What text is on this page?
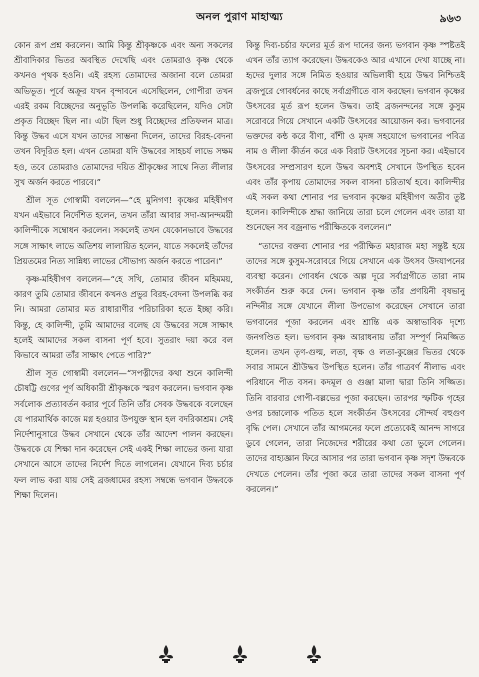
অনল পুরাণ মাহাত্ম্য	৯৬৩

কোন রূপ প্রশ্ন করলেন। আমি কিন্তু শ্রীকৃষ্ণকে এবং অন্য সকলের শ্রীবাদিকার ভিতর অবস্থিত দেখেছি এবং তোমরাও কৃষ্ণ থেকে কখনও পৃথক হওনি। এই রহস্য তোমাদের অজানা বলে তোমরা অভিভূত। পূর্বে অক্রূর যখন বৃন্দাবনে এসেছিলেন, গোপীরা তখন এরই রকম বিচ্ছেদের অনুভূতি উপলব্ধি করেছিলেন, যদিও সেটা প্রকৃত বিচ্ছেদ ছিল না। এটা ছিল শুধু বিচ্ছেদের প্রতিফলন মাত্র। কিন্তু উদ্ধব এসে যখন তাদের সাম্ভনা দিলেন, তাদের বিরহ-বেদনা তখন বিদূরিত হল। এখন তোমরা যদি উদ্ধবের সাহচর্য লাভে সক্ষম হও, তবে তোমরাও তোমাদের দয়িত শ্রীকৃষ্ণের সাথে নিত্য লীলার সুখ অর্জন করতে পারবে।”

শ্রীল সূত গোস্বামী বললেন—“হে মুনিগণ! কৃষ্ণের মহিষীগণ যখন এইভাবে নির্দেশিত হলেন, তখন তাঁরা আবার সদা-আনন্দময়ী কালিন্দীকে সম্বোধন করলেন। সকলেই তখন যেকোনভাবে উদ্ধবের সঙ্গে সাক্ষাৎ লাভে অতিশয় লালায়িত হলেন, যাতে সকলেই তাঁদের প্রিয়তমের নিত্য সান্নিধ্য লাভের সৌভাগ্য অর্জন করতে পারেন।”

কৃষ্ণ-মহিষীগণ বললেন—“হে সখি, তোমার জীবন মহিমময়, কারণ তুমি তোমার জীবনে কখনও প্রভুর বিরহ-বেদনা উপলব্ধি কর নি। আমরা তোমার মত রাধারাণীর পরিচারিকা হতে ইচ্ছা করি। কিন্তু, হে কালিন্দী, তুমি আমাদের বলেছ যে উদ্ধবের সঙ্গে সাক্ষাৎ হলেই আমাদের সকল বাসনা পূর্ণ হবে। সুতরাং দয়া করে বল কিভাবে আমরা তাঁর সাক্ষাৎ পেতে পারি?”

শ্রীল সূত গোস্বামী বললেন—“সপত্নীদের কথা শুনে কালিন্দী চৌষট্টি গুণের পূর্ণ অধিকারী শ্রীকৃষ্ণকে স্মরণ করলেন। ভগবান কৃষ্ণ সর্বলোক প্রত্যাবর্তন করার পূর্বে তিনি তাঁর সেবক উদ্ধবকে বলেছেন যে পারমার্থিক কাজে মগ্ন হওয়ার উপযুক্ত স্থান হল বদরিকাশ্রম। সেই নির্দেশানুসারে উদ্ধব সেখানে থেকে তাঁর আদেশ পালন করছেন। উদ্ধবকে যে শিক্ষা দান করেছেন সেই একই শিক্ষা লাভের জন্য যারা সেখানে আসে তাদের নির্দেশ দিতে লাগলেন। যেখানে দিব্য চর্চার ফল লাভ করা যায় সেই ব্রজধামের রহস্য সম্বন্ধে ভগবান উদ্ধবকে শিক্ষা দিলেন।

কিন্তু দিব্য-চর্চার ফলের মূর্ত রূপ দানের জন্য ভগবান কৃষ্ণ স্পষ্টতই এখন তাঁর ত্যাগ করেছেন। উদ্ধবকেও আর এখানে দেখা যাচ্ছে না। হৃদের দুলার সঙ্গে নিমিত হওয়ার অভিলাষী হয়ে উদ্ধব নিশ্চিতই ব্রজপুরে গোবর্ধনের কাছে সর্বাগ্রগীতে বাস করছেন। ভগবান কৃষ্ণের উৎসবের মূর্ত রূপ হলেন উদ্ধব। তাই ব্রজনন্দনের সঙ্গে কুসুম সরোবরে গিয়ে সেখানে একটি উৎসবের আয়োজন কর। ভগবানের ভক্তদের কন্ঠ করে বীণা, বাঁশী ও মৃদঙ্গ সহযোগে ভগবানের পবিত্র নাম ও লীলা কীর্তন করে এক বিরাট উৎসবের সূচনা কর। এইভাবে উৎসবের সম্প্রসারণ হলে উদ্ধব অবশ্যই সেখানে উপস্থিত হবেন এবং তাঁর কৃপায় তোমাদের সকল বাসনা চরিতার্থ হবে। কালিন্দীর এই সকল কথা শোনার পর ভগবান কৃষ্ণের মহিষীগণ অতীব তুষ্ট হলেন। কালিন্দীকে শ্রদ্ধা জানিয়ে তারা চলে গেলেন এবং তারা যা শুনেছেন সব বজ্রনাভ পরীক্ষিতকে বললেন।”

“তাদের বক্তব্য শোনার পর পরীক্ষিত মহারাজ মহা সন্তুষ্ট হয়ে তাদের সঙ্গে কুসুম-সরোবরে গিয়ে সেখানে এক উৎসব উদযাপনের ব্যবস্থা করেন। গোবর্ধন থেকে অল্প দূরে সর্বাগ্রগীতে তারা নাম সংকীর্তন শুরু করে দেন। ভগবান কৃষ্ণ তাঁর প্রণয়িনী বৃষভানু নন্দিনীর সঙ্গে যেখানে লীলা উপভোগ করেছেন সেখানে তারা ভগবানের পূজা করলেন এবং শ্রান্তি এক অস্বাভাবিক দৃশ্যে জনগণ্ডিত হল। ভগবান কৃষ্ণ আরাধনায় তাঁরা সম্পূর্ণ নিমজ্জিত হলেন। তখন তৃণ-গুল্ম, লতা, বৃক্ষ ও লতা-কুঞ্জের ভিতর থেকে সবার সামনে শ্রীউদ্ধব উপস্থিত হলেন। তাঁর গাত্রবর্ণ নীলাভ এবং পরিধানে পীত বসন। কদমূল ও গুঞ্জা মালা দ্বারা তিনি সজ্জিত। তিনি বারবার গোপী-বল্লভের পূজা করছেন। তারপর স্ফটিক গৃহের ওপর চন্দ্রালোক পতিত হলে সংকীর্তন উৎসবের সৌন্দর্য বহুগুণ বৃদ্ধি পেল। সেখানে তাঁর আগমনের ফলে প্রত্যেকেই আনন্দ সাগরে ডুবে গেলেন, তারা নিজেদের শরীরের কথা তো ভুলে গেলেন। তাদের বাহ্যজ্ঞান ফিরে আসার পর তারা ভগবান কৃষ্ণ সদৃশ উদ্ধবকে দেখতে পেলেন। তাঁর পূজা করে তারা তাদের সকল বাসনা পূর্ণ করলেন।”
